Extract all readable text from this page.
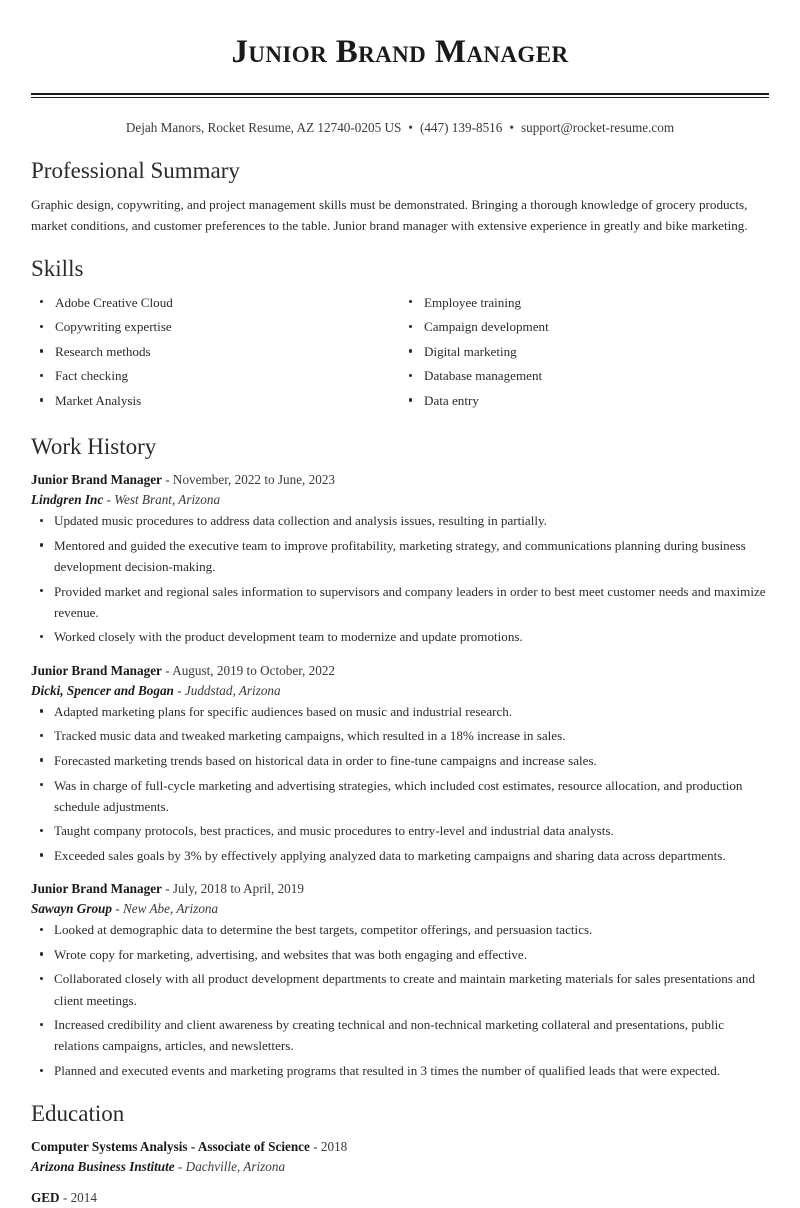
Junior Brand Manager
Dejah Manors, Rocket Resume, AZ 12740-0205 US • (447) 139-8516 • support@rocket-resume.com
Professional Summary

Graphic design, copywriting, and project management skills must be demonstrated. Bringing a thorough knowledge of grocery products, market conditions, and customer preferences to the table. Junior brand manager with extensive experience in greatly and bike marketing.

Skills
Adobe Creative Cloud
Copywriting expertise
Research methods
Fact checking
Market Analysis
Employee training
Campaign development
Digital marketing
Database management
Data entry
Work History
Junior Brand Manager - November, 2022 to June, 2023
Lindgren Inc - West Brant, Arizona
Updated music procedures to address data collection and analysis issues, resulting in partially.
Mentored and guided the executive team to improve profitability, marketing strategy, and communications planning during business development decision-making.
Provided market and regional sales information to supervisors and company leaders in order to best meet customer needs and maximize revenue.
Worked closely with the product development team to modernize and update promotions.
Junior Brand Manager - August, 2019 to October, 2022
Dicki, Spencer and Bogan - Juddstad, Arizona
Adapted marketing plans for specific audiences based on music and industrial research.
Tracked music data and tweaked marketing campaigns, which resulted in a 18% increase in sales.
Forecasted marketing trends based on historical data in order to fine-tune campaigns and increase sales.
Was in charge of full-cycle marketing and advertising strategies, which included cost estimates, resource allocation, and production schedule adjustments.
Taught company protocols, best practices, and music procedures to entry-level and industrial data analysts.
Exceeded sales goals by 3% by effectively applying analyzed data to marketing campaigns and sharing data across departments.
Junior Brand Manager - July, 2018 to April, 2019
Sawayn Group - New Abe, Arizona
Looked at demographic data to determine the best targets, competitor offerings, and persuasion tactics.
Wrote copy for marketing, advertising, and websites that was both engaging and effective.
Collaborated closely with all product development departments to create and maintain marketing materials for sales presentations and client meetings.
Increased credibility and client awareness by creating technical and non-technical marketing collateral and presentations, public relations campaigns, articles, and newsletters.
Planned and executed events and marketing programs that resulted in 3 times the number of qualified leads that were expected.
Education
Computer Systems Analysis - Associate of Science - 2018
Arizona Business Institute - Dachville, Arizona
GED - 2014
